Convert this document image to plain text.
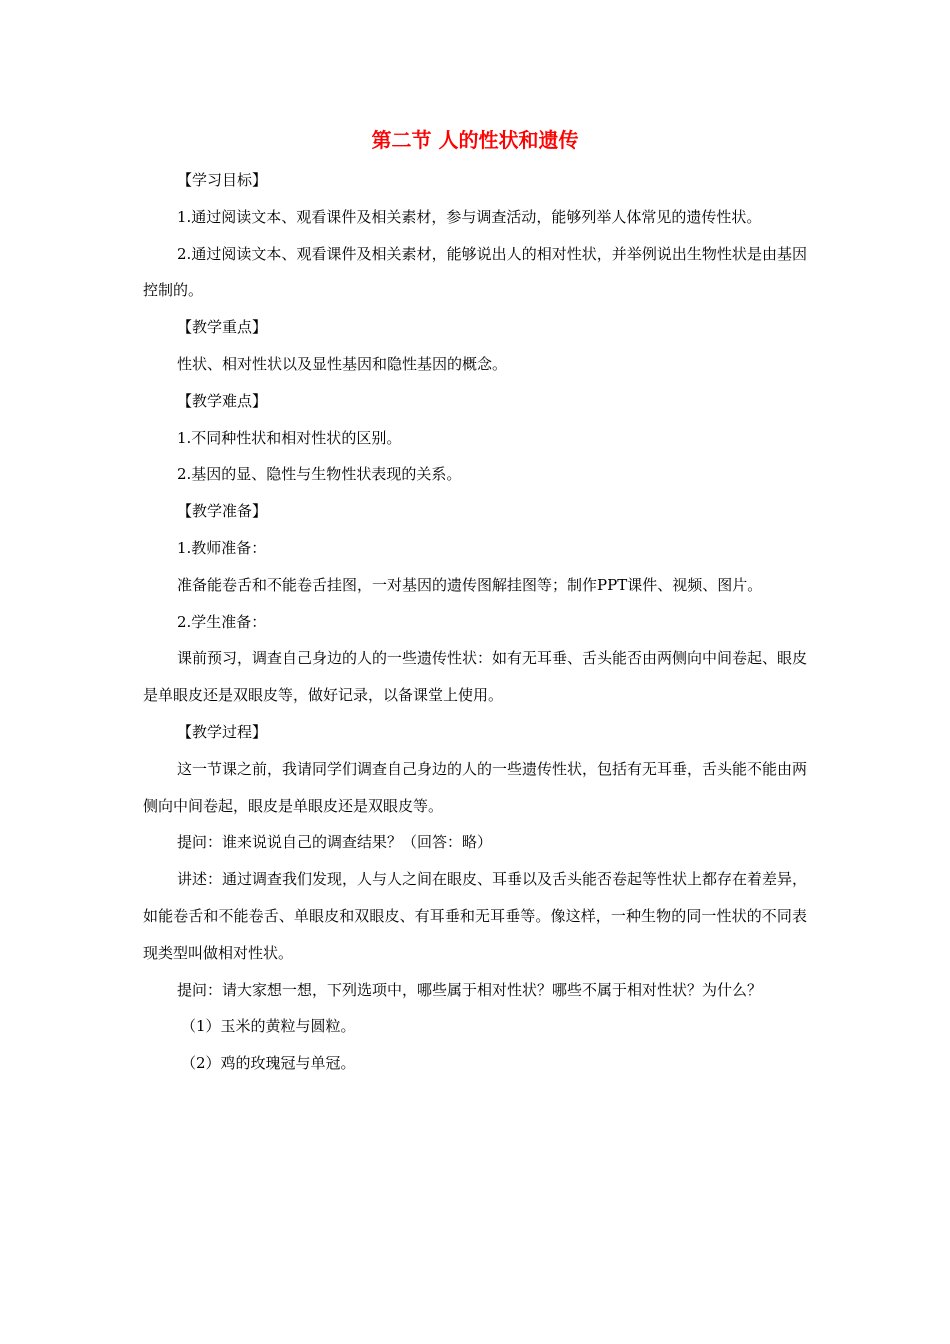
第二节 人的性状和遗传

【学习目标】

1.通过阅读文本、观看课件及相关素材，参与调查活动，能够列举人体常见的遗传性状。

2.通过阅读文本、观看课件及相关素材，能够说出人的相对性状，并举例说出生物性状是由基因控制的。

【教学重点】

性状、相对性状以及显性基因和隐性基因的概念。

【教学难点】

1.不同种性状和相对性状的区别。

2.基因的显、隐性与生物性状表现的关系。

【教学准备】

1.教师准备：

准备能卷舌和不能卷舌挂图，一对基因的遗传图解挂图等；制作PPT课件、视频、图片。

2.学生准备：

课前预习，调查自己身边的人的一些遗传性状：如有无耳垂、舌头能否由两侧向中间卷起、眼皮是单眼皮还是双眼皮等，做好记录，以备课堂上使用。

【教学过程】

这一节课之前，我请同学们调查自己身边的人的一些遗传性状，包括有无耳垂，舌头能不能由两侧向中间卷起，眼皮是单眼皮还是双眼皮等。

提问：谁来说说自己的调查结果？（回答：略）

讲述：通过调查我们发现，人与人之间在眼皮、耳垂以及舌头能否卷起等性状上都存在着差异，如能卷舌和不能卷舌、单眼皮和双眼皮、有耳垂和无耳垂等。像这样，一种生物的同一性状的不同表现类型叫做相对性状。

提问：请大家想一想，下列选项中，哪些属于相对性状？哪些不属于相对性状？为什么？

（1）玉米的黄粒与圆粒。

（2）鸡的玫瑰冠与单冠。
